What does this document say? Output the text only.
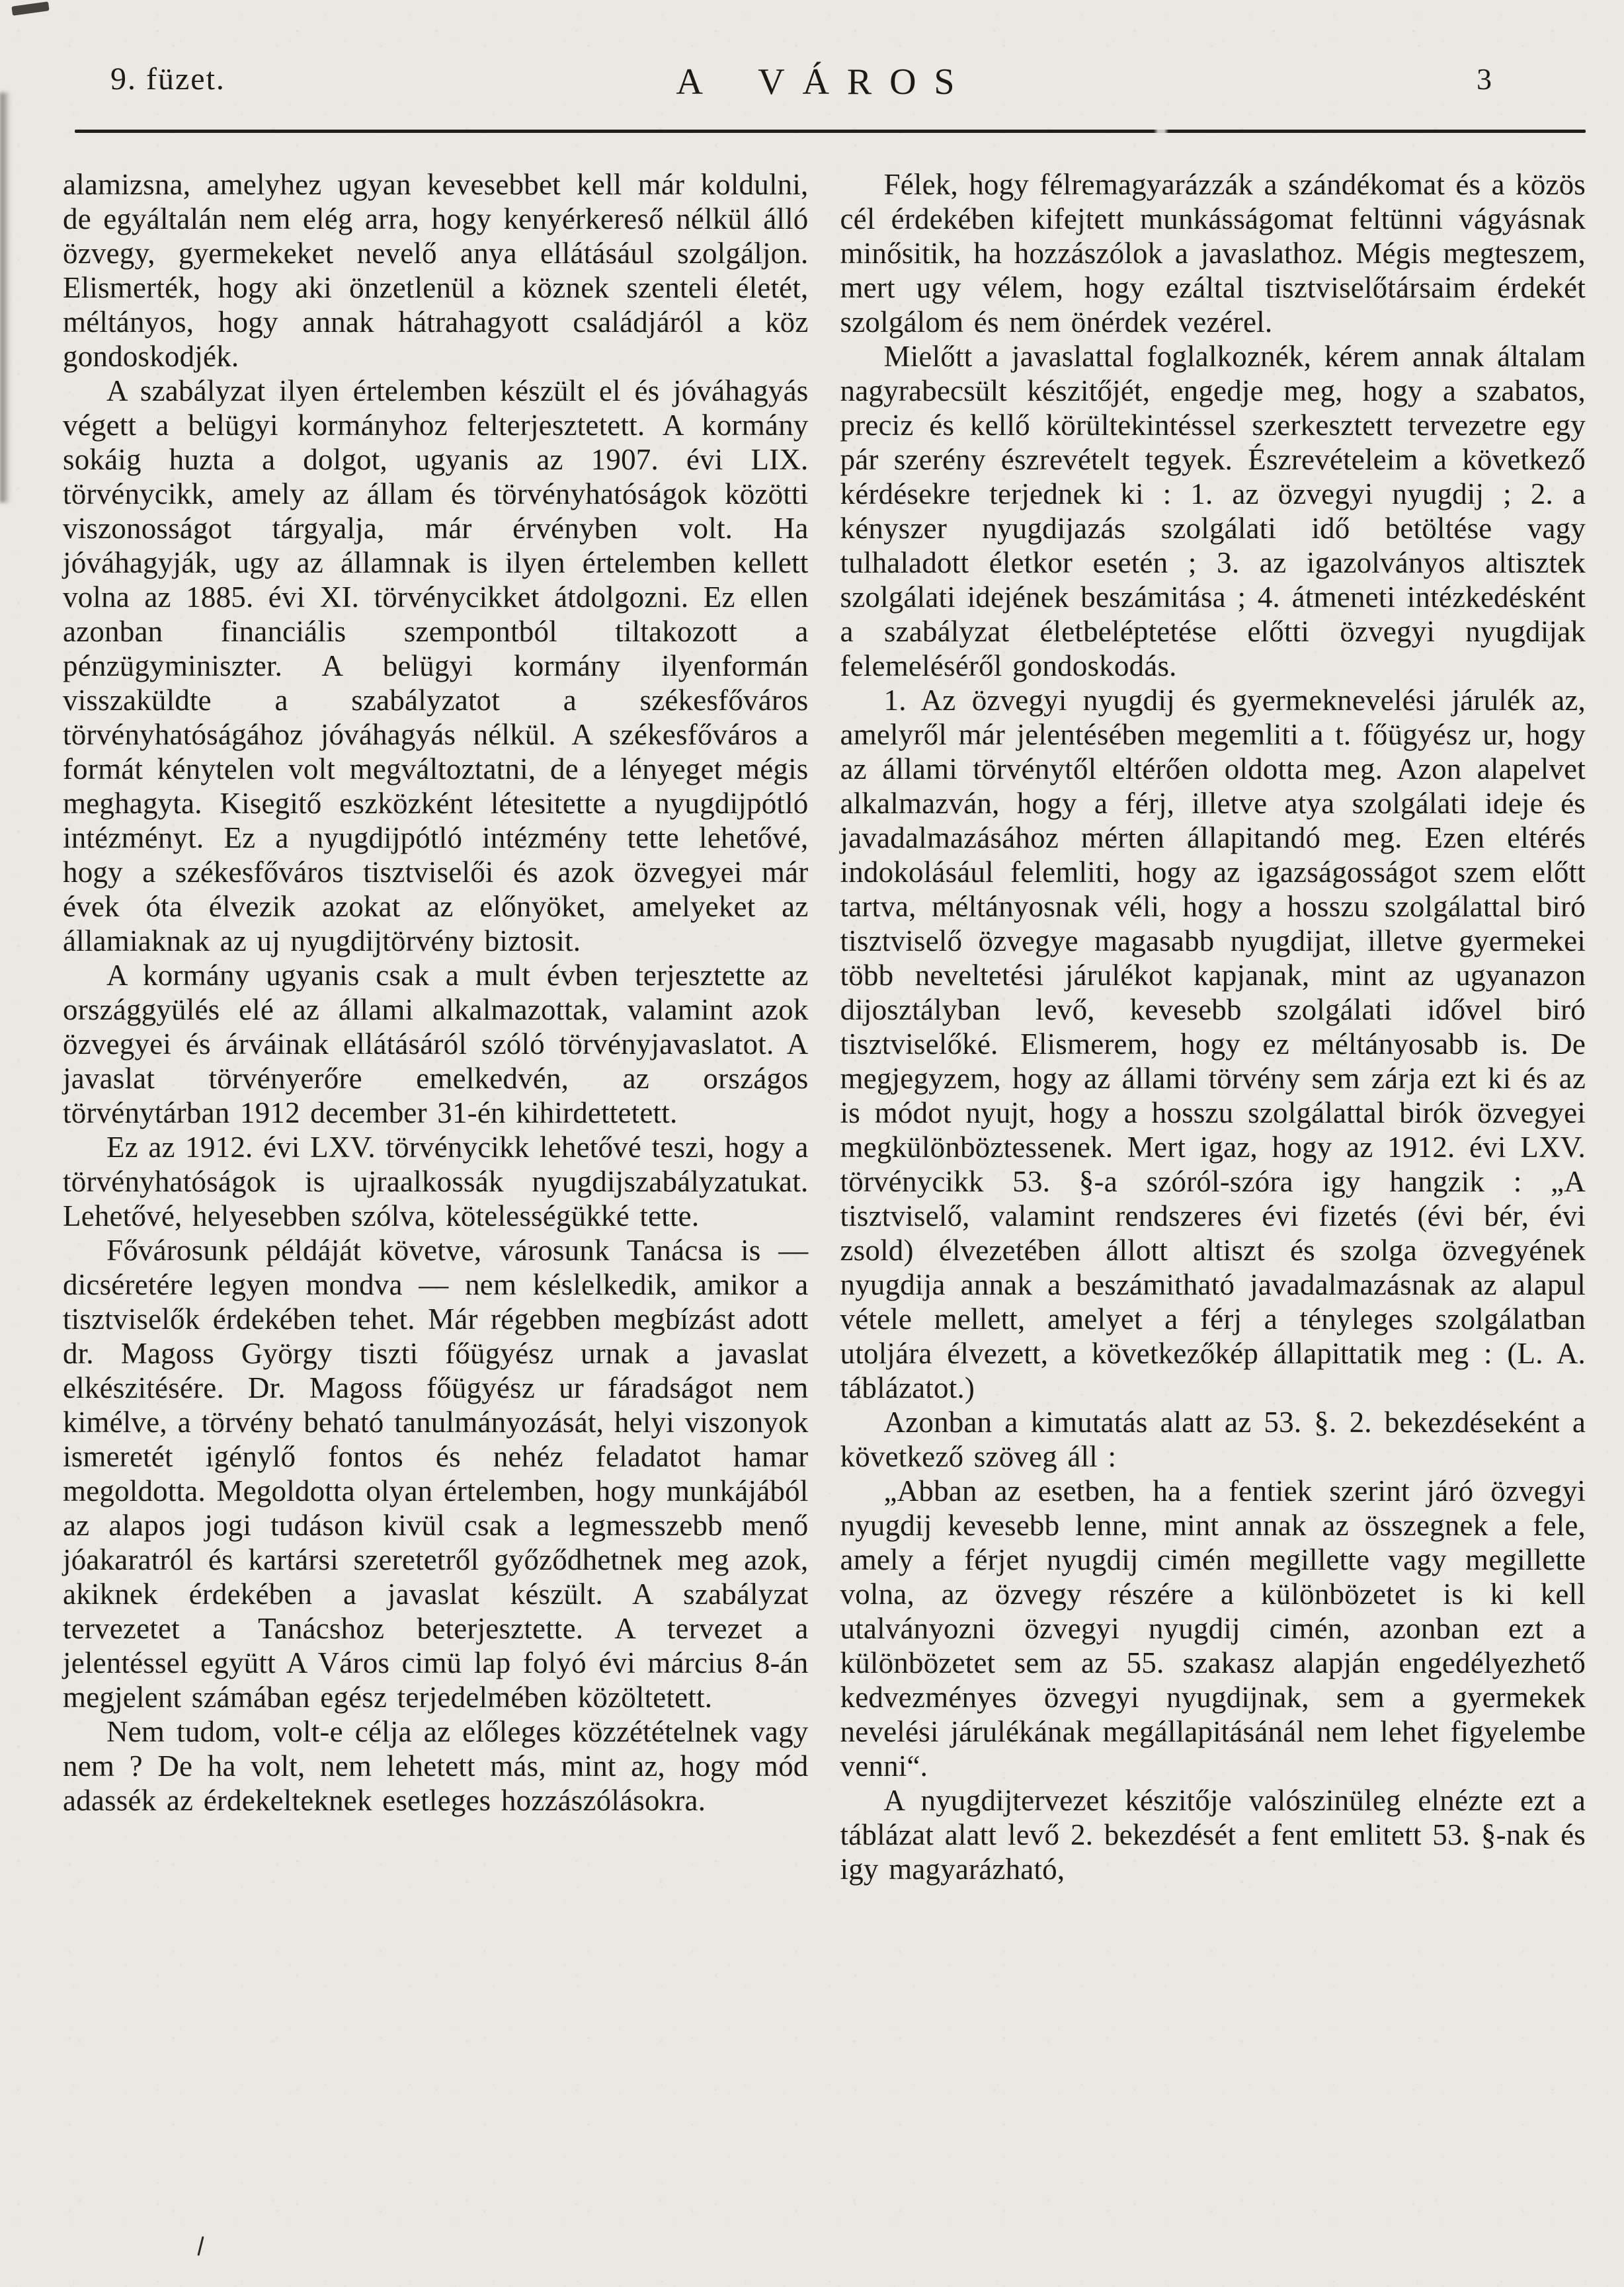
9. füzet.	A VÁROS	3

alamizsna, amelyhez ugyan kevesebbet kell már koldulni, de egyáltalán nem elég arra, hogy kenyérkereső nélkül álló özvegy, gyermekeket nevelő anya ellátásául szolgáljon. Elismerték, hogy aki önzetlenül a köznek szenteli életét, méltányos, hogy annak hátrahagyott családjáról a köz gondoskodjék.

A szabályzat ilyen értelemben készült el és jóváhagyás végett a belügyi kormányhoz felterjesztetett. A kormány sokáig huzta a dolgot, ugyanis az 1907. évi LIX. törvénycikk, amely az állam és törvényhatóságok közötti viszonosságot tárgyalja, már érvényben volt. Ha jóváhagyják, ugy az államnak is ilyen értelemben kellett volna az 1885. évi XI. törvénycikket átdolgozni. Ez ellen azonban financiális szempontból tiltakozott a pénzügyminiszter. A belügyi kormány ilyenformán visszaküldte a szabályzatot a székesfőváros törvényhatóságához jóváhagyás nélkül. A székesfőváros a formát kénytelen volt megváltoztatni, de a lényeget mégis meghagyta. Kisegitő eszközként létesitette a nyugdijpótló intézményt. Ez a nyugdijpótló intézmény tette lehetővé, hogy a székesfőváros tisztviselői és azok özvegyei már évek óta élvezik azokat az előnyöket, amelyeket az államiaknak az uj nyugdijtörvény biztosit.

A kormány ugyanis csak a mult évben terjesztette az országgyülés elé az állami alkalmazottak, valamint azok özvegyei és árváinak ellátásáról szóló törvényjavaslatot. A javaslat törvényerőre emelkedvén, az országos törvénytárban 1912 december 31-én kihirdettetett.

Ez az 1912. évi LXV. törvénycikk lehetővé teszi, hogy a törvényhatóságok is ujraalkossák nyugdijszabályzatukat. Lehetővé, helyesebben szólva, kötelességükké tette.

Fővárosunk példáját követve, városunk Tanácsa is — dicséretére legyen mondva — nem késlelkedik, amikor a tisztviselők érdekében tehet. Már régebben megbízást adott dr. Magoss György tiszti főügyész urnak a javaslat elkészitésére. Dr. Magoss főügyész ur fáradságot nem kimélve, a törvény beható tanulmányozását, helyi viszonyok ismeretét igénylő fontos és nehéz feladatot hamar megoldotta. Megoldotta olyan értelemben, hogy munkájából az alapos jogi tudáson kivül csak a legmesszebb menő jóakaratról és kartársi szeretetről győződhetnek meg azok, akiknek érdekében a javaslat készült. A szabályzat tervezetet a Tanácshoz beterjesztette. A tervezet a jelentéssel együtt A Város cimü lap folyó évi március 8-án megjelent számában egész terjedelmében közöltetett.

Nem tudom, volt-e célja az előleges közzétételnek vagy nem ? De ha volt, nem lehetett más, mint az, hogy mód adassék az érdekelteknek esetleges hozzászólásokra.

Félek, hogy félremagyarázzák a szándékomat és a közös cél érdekében kifejtett munkásságomat feltünni vágyásnak minősitik, ha hozzászólok a javaslathoz. Mégis megteszem, mert ugy vélem, hogy ezáltal tisztviselőtársaim érdekét szolgálom és nem önérdek vezérel.

Mielőtt a javaslattal foglalkoznék, kérem annak általam nagyrabecsült készitőjét, engedje meg, hogy a szabatos, preciz és kellő körültekintéssel szerkesztett tervezetre egy pár szerény észrevételt tegyek. Észrevételeim a következő kérdésekre terjednek ki : 1. az özvegyi nyugdij ; 2. a kényszer nyugdijazás szolgálati idő betöltése vagy tulhaladott életkor esetén ; 3. az igazolványos altisztek szolgálati idejének beszámitása ; 4. átmeneti intézkedésként a szabályzat életbeléptetése előtti özvegyi nyugdijak felemeléséről gondoskodás.

1. Az özvegyi nyugdij és gyermeknevelési járulék az, amelyről már jelentésében megemliti a t. főügyész ur, hogy az állami törvénytől eltérően oldotta meg. Azon alapelvet alkalmazván, hogy a férj, illetve atya szolgálati ideje és javadalmazásához mérten állapitandó meg. Ezen eltérés indokolásául felemliti, hogy az igazságosságot szem előtt tartva, méltányosnak véli, hogy a hosszu szolgálattal biró tisztviselő özvegye magasabb nyugdijat, illetve gyermekei több neveltetési járulékot kapjanak, mint az ugyanazon dijosztályban levő, kevesebb szolgálati idővel biró tisztviselőké. Elismerem, hogy ez méltányosabb is. De megjegyzem, hogy az állami törvény sem zárja ezt ki és az is módot nyujt, hogy a hosszu szolgálattal birók özvegyei megkülönböztessenek. Mert igaz, hogy az 1912. évi LXV. törvénycikk 53. §-a szóról-szóra igy hangzik : „A tisztviselő, valamint rendszeres évi fizetés (évi bér, évi zsold) élvezetében állott altiszt és szolga özvegyének nyugdija annak a beszámitható javadalmazásnak az alapul vétele mellett, amelyet a férj a tényleges szolgálatban utoljára élvezett, a következőkép állapittatik meg : (L. A. táblázatot.)

Azonban a kimutatás alatt az 53. §. 2. bekezdéseként a következő szöveg áll :

„Abban az esetben, ha a fentiek szerint járó özvegyi nyugdij kevesebb lenne, mint annak az összegnek a fele, amely a férjet nyugdij cimén megillette vagy megillette volna, az özvegy részére a különbözetet is ki kell utalványozni özvegyi nyugdij cimén, azonban ezt a különbözetet sem az 55. szakasz alapján engedélyezhető kedvezményes özvegyi nyugdijnak, sem a gyermekek nevelési járulékának megállapitásánál nem lehet figyelembe venni“.

A nyugdijtervezet készitője valószinüleg elnézte ezt a táblázat alatt levő 2. bekezdését a fent emlitett 53. §-nak és igy magyarázható,
